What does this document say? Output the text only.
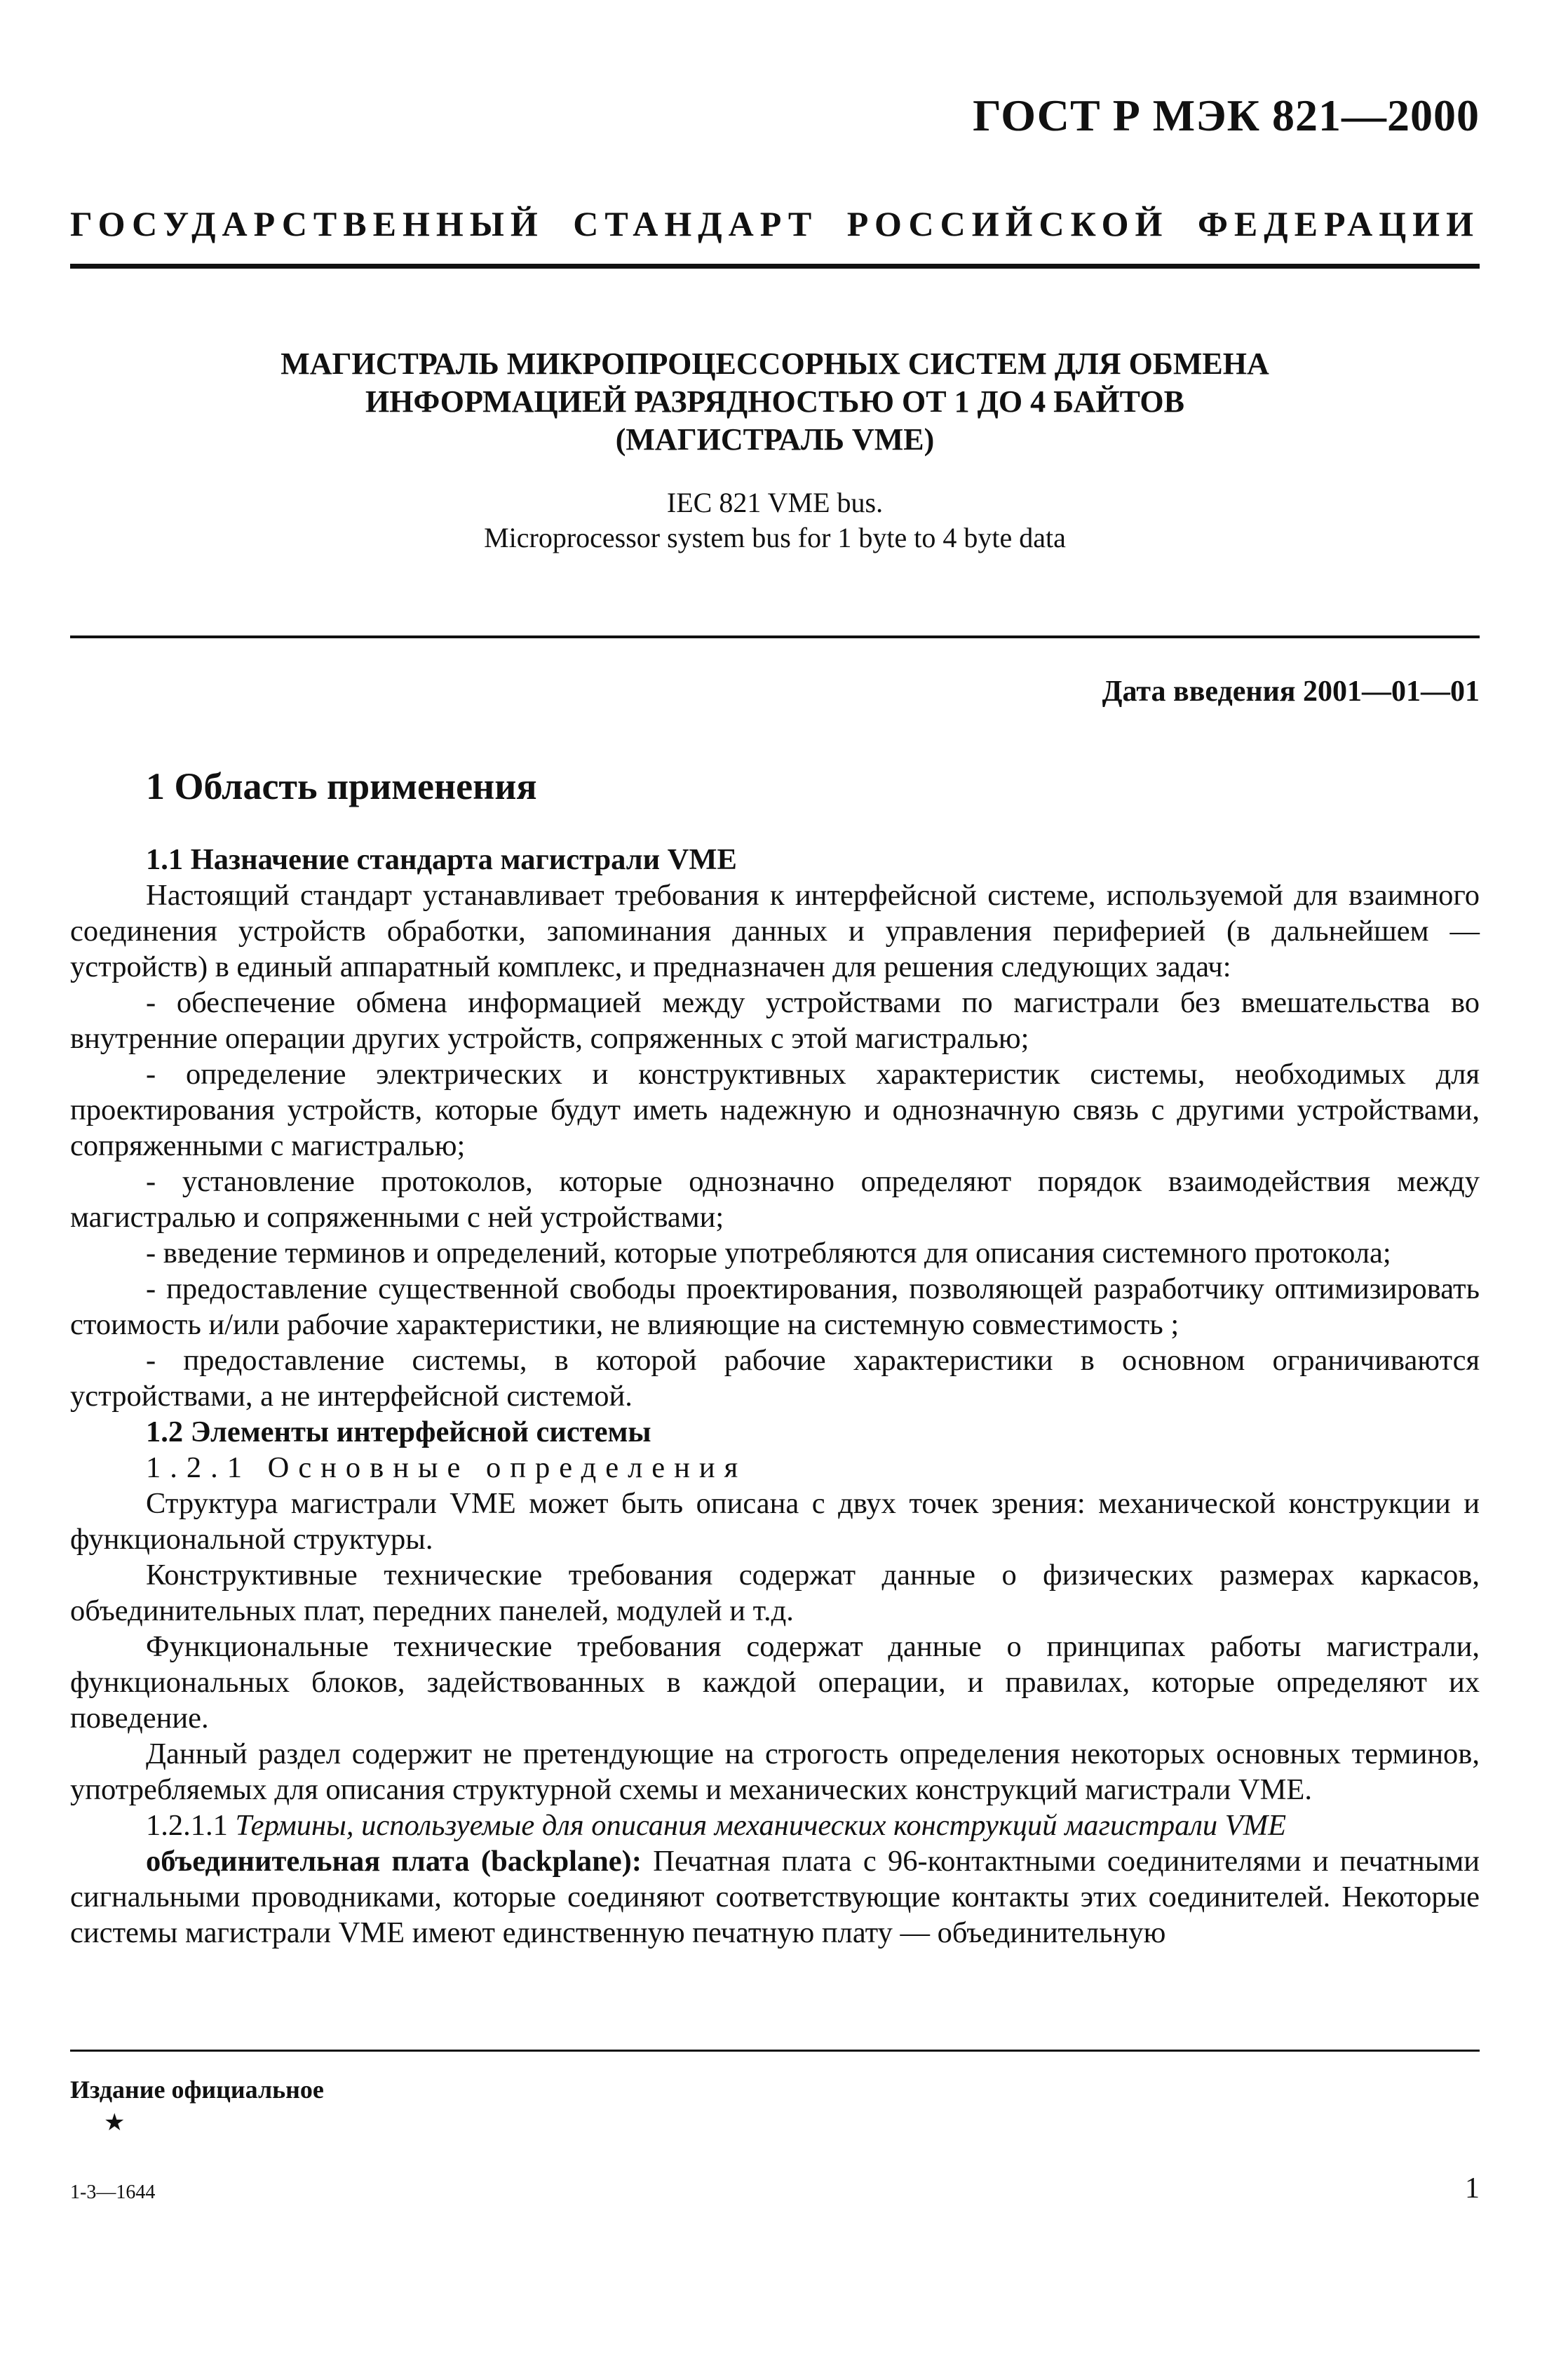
ГОСТ Р МЭК 821—2000
ГОСУДАРСТВЕННЫЙ СТАНДАРТ РОССИЙСКОЙ ФЕДЕРАЦИИ
МАГИСТРАЛЬ МИКРОПРОЦЕССОРНЫХ СИСТЕМ ДЛЯ ОБМЕНА
ИНФОРМАЦИЕЙ РАЗРЯДНОСТЬЮ ОТ 1 ДО 4 БАЙТОВ
(МАГИСТРАЛЬ VME)
IEC 821 VME bus.
Microprocessor system bus for 1 byte to 4 byte data
Дата введения 2001—01—01
1 Область применения

1.1 Назначение стандарта магистрали VME

Настоящий стандарт устанавливает требования к интерфейсной системе, используемой для взаимного соединения устройств обработки, запоминания данных и управления периферией (в дальнейшем — устройств) в единый аппаратный комплекс, и предназначен для решения следующих задач:

- обеспечение обмена информацией между устройствами по магистрали без вмешательства во внутренние операции других устройств, сопряженных с этой магистралью;

- определение электрических и конструктивных характеристик системы, необходимых для проектирования устройств, которые будут иметь надежную и однозначную связь с другими устройствами, сопряженными с магистралью;

- установление протоколов, которые однозначно определяют порядок взаимодействия между магистралью и сопряженными с ней устройствами;

- введение терминов и определений, которые употребляются для описания системного протокола;

- предоставление существенной свободы проектирования, позволяющей разработчику оптимизировать стоимость и/или рабочие характеристики, не влияющие на системную совместимость ;

- предоставление системы, в которой рабочие характеристики в основном ограничиваются устройствами, а не интерфейсной системой.

1.2 Элементы интерфейсной системы

1.2.1 Основные определения

Структура магистрали VME может быть описана с двух точек зрения: механической конструкции и функциональной структуры.

Конструктивные технические требования содержат данные о физических размерах каркасов, объединительных плат, передних панелей, модулей и т.д.

Функциональные технические требования содержат данные о принципах работы магистрали, функциональных блоков, задействованных в каждой операции, и правилах, которые определяют их поведение.

Данный раздел содержит не претендующие на строгость определения некоторых основных терминов, употребляемых для описания структурной схемы и механических конструкций магистрали VME.

1.2.1.1 Термины, используемые для описания механических конструкций магистрали VME

объединительная плата (backplane): Печатная плата с 96-контактными соединителями и печатными сигнальными проводниками, которые соединяют соответствующие контакты этих соединителей. Некоторые системы магистрали VME имеют единственную печатную плату — объединительную

Издание официальное
★
1-3—1644	1
